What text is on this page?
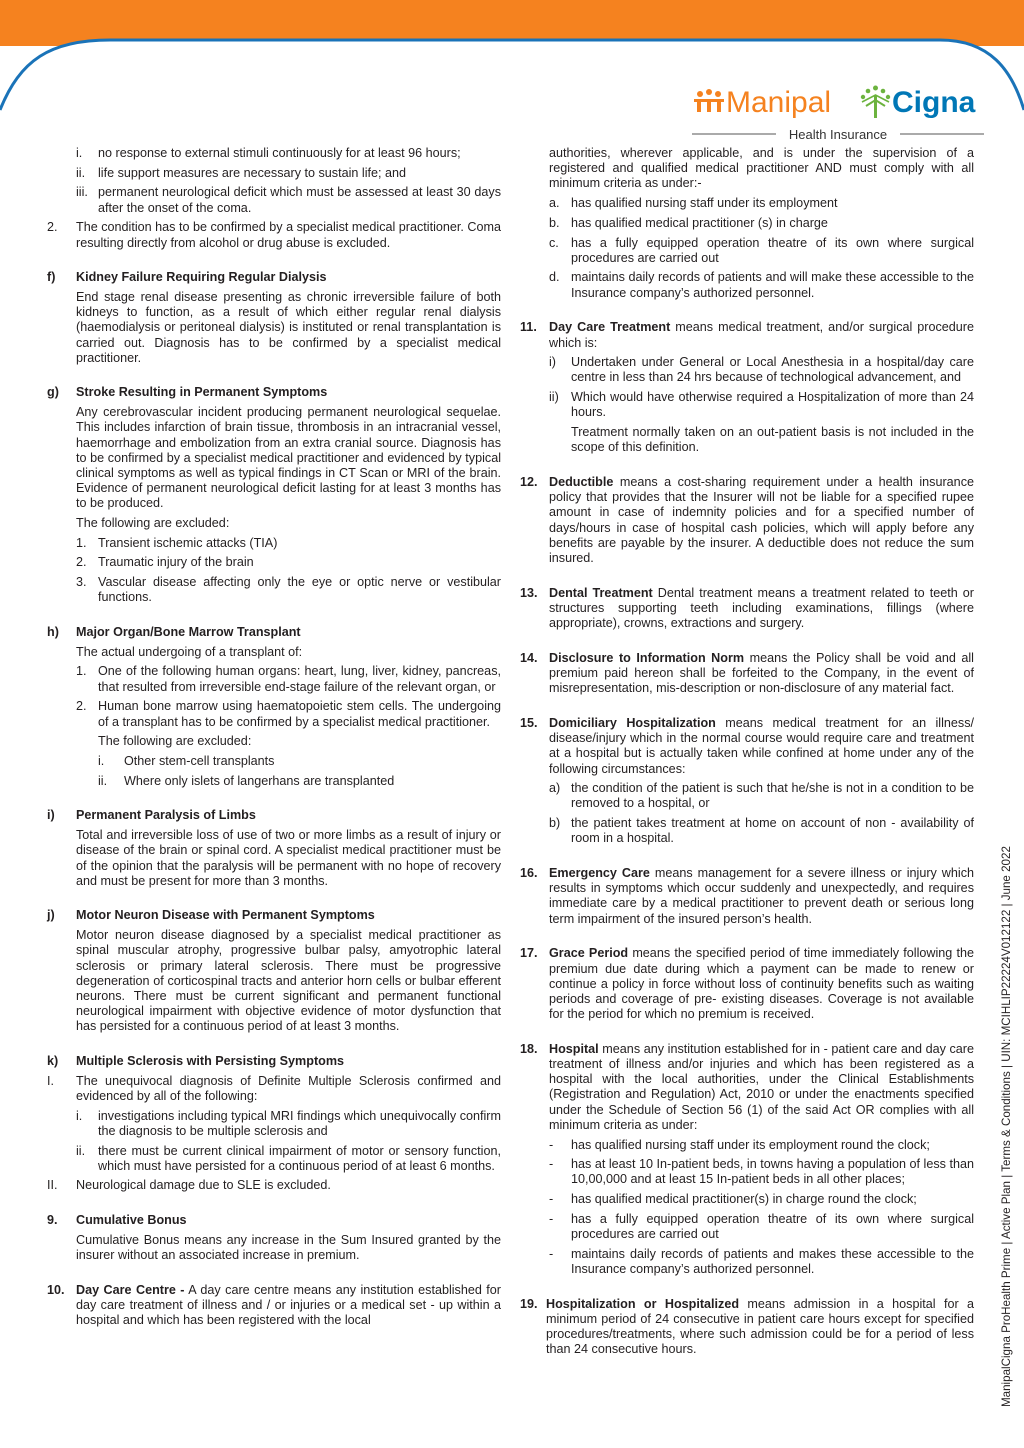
Manipal Cigna
Health Insurance
i.	no response to external stimuli continuously for at least 96 hours;
ii.	life support measures are necessary to sustain life; and
iii. permanent neurological deficit which must be assessed at least 30 days after the onset of the coma.
2.	The condition has to be confirmed by a specialist medical practitioner. Coma resulting directly from alcohol or drug abuse is excluded.
f)	Kidney Failure Requiring Regular Dialysis
End stage renal disease presenting as chronic irreversible failure of both kidneys to function, as a result of which either regular renal dialysis (haemodialysis or peritoneal dialysis) is instituted or renal transplantation is carried out. Diagnosis has to be confirmed by a specialist medical practitioner.
g)	Stroke Resulting in Permanent Symptoms
Any cerebrovascular incident producing permanent neurological sequelae. This includes infarction of brain tissue, thrombosis in an intracranial vessel, haemorrhage and embolization from an extra cranial source. Diagnosis has to be confirmed by a specialist medical practitioner and evidenced by typical clinical symptoms as well as typical findings in CT Scan or MRI of the brain. Evidence of permanent neurological deficit lasting for at least 3 months has to be produced.
The following are excluded:
1. Transient ischemic attacks (TIA)
2. Traumatic injury of the brain
3. Vascular disease affecting only the eye or optic nerve or vestibular functions.
h)	Major Organ/Bone Marrow Transplant
The actual undergoing of a transplant of:
1. One of the following human organs: heart, lung, liver, kidney, pancreas, that resulted from irreversible end-stage failure of the relevant organ, or
2. Human bone marrow using haematopoietic stem cells. The undergoing of a transplant has to be confirmed by a specialist medical practitioner.
The following are excluded:
i.	Other stem-cell transplants
ii.	Where only islets of langerhans are transplanted
i)	Permanent Paralysis of Limbs
Total and irreversible loss of use of two or more limbs as a result of injury or disease of the brain or spinal cord. A specialist medical practitioner must be of the opinion that the paralysis will be permanent with no hope of recovery and must be present for more than 3 months.
j)	Motor Neuron Disease with Permanent Symptoms
Motor neuron disease diagnosed by a specialist medical practitioner as spinal muscular atrophy, progressive bulbar palsy, amyotrophic lateral sclerosis or primary lateral sclerosis. There must be progressive degeneration of corticospinal tracts and anterior horn cells or bulbar efferent neurons. There must be current significant and permanent functional neurological impairment with objective evidence of motor dysfunction that has persisted for a continuous period of at least 3 months.
k)	Multiple Sclerosis with Persisting Symptoms
I.	The unequivocal diagnosis of Definite Multiple Sclerosis confirmed and evidenced by all of the following:
i.	investigations including typical MRI findings which unequivocally confirm the diagnosis to be multiple sclerosis and
ii.	there must be current clinical impairment of motor or sensory function, which must have persisted for a continuous period of at least 6 months.
II.	Neurological damage due to SLE is excluded.
9.	Cumulative Bonus
Cumulative Bonus means any increase in the Sum Insured granted by the insurer without an associated increase in premium.
10. Day Care Centre - A day care centre means any institution established for day care treatment of illness and / or injuries or a medical set - up within a hospital and which has been registered with the local
authorities, wherever applicable, and is under the supervision of a registered and qualified medical practitioner AND must comply with all minimum criteria as under:-
a. has qualified nursing staff under its employment
b. has qualified medical practitioner (s) in charge
c. has a fully equipped operation theatre of its own where surgical procedures are carried out
d. maintains daily records of patients and will make these accessible to the Insurance company’s authorized personnel.
11. Day Care Treatment means medical treatment, and/or surgical procedure which is:
i)	Undertaken under General or Local Anesthesia in a hospital/day care centre in less than 24 hrs because of technological advancement, and
ii) Which would have otherwise required a Hospitalization of more than 24 hours.
Treatment normally taken on an out-patient basis is not included in the scope of this definition.
12. Deductible means a cost-sharing requirement under a health insurance policy that provides that the Insurer will not be liable for a specified rupee amount in case of indemnity policies and for a specified number of days/hours in case of hospital cash policies, which will apply before any benefits are payable by the insurer. A deductible does not reduce the sum insured.
13. Dental Treatment Dental treatment means a treatment related to teeth or structures supporting teeth including examinations, fillings (where appropriate), crowns, extractions and surgery.
14. Disclosure to Information Norm means the Policy shall be void and all premium paid hereon shall be forfeited to the Company, in the event of misrepresentation, mis-description or non-disclosure of any material fact.
15. Domiciliary Hospitalization means medical treatment for an illness/ disease/injury which in the normal course would require care and treatment at a hospital but is actually taken while confined at home under any of the following circumstances:
a) the condition of the patient is such that he/she is not in a condition to be removed to a hospital, or
b) the patient takes treatment at home on account of non - availability of room in a hospital.
16. Emergency Care means management for a severe illness or injury which results in symptoms which occur suddenly and unexpectedly, and requires immediate care by a medical practitioner to prevent death or serious long term impairment of the insured person’s health.
17. Grace Period means the specified period of time immediately following the premium due date during which a payment can be made to renew or continue a policy in force without loss of continuity benefits such as waiting periods and coverage of pre- existing diseases. Coverage is not available for the period for which no premium is received.
18. Hospital means any institution established for in - patient care and day care treatment of illness and/or injuries and which has been registered as a hospital with the local authorities, under the Clinical Establishments (Registration and Regulation) Act, 2010 or under the enactments specified under the Schedule of Section 56 (1) of the said Act OR complies with all minimum criteria as under:
-	has qualified nursing staff under its employment round the clock;
-	has at least 10 In-patient beds, in towns having a population of less than 10,00,000 and at least 15 In-patient beds in all other places;
-	has qualified medical practitioner(s) in charge round the clock;
-	has a fully equipped operation theatre of its own where surgical procedures are carried out
-	maintains daily records of patients and makes these accessible to the Insurance company’s authorized personnel.
19. Hospitalization or Hospitalized means admission in a hospital for a minimum period of 24 consecutive in patient care hours except for specified procedures/treatments, where such admission could be for a period of less than 24 consecutive hours.	ManipalCigna ProHealth Prime | Active Plan | Terms & Conditions | UIN: MCIHLIP22224V012122 | June 2022
